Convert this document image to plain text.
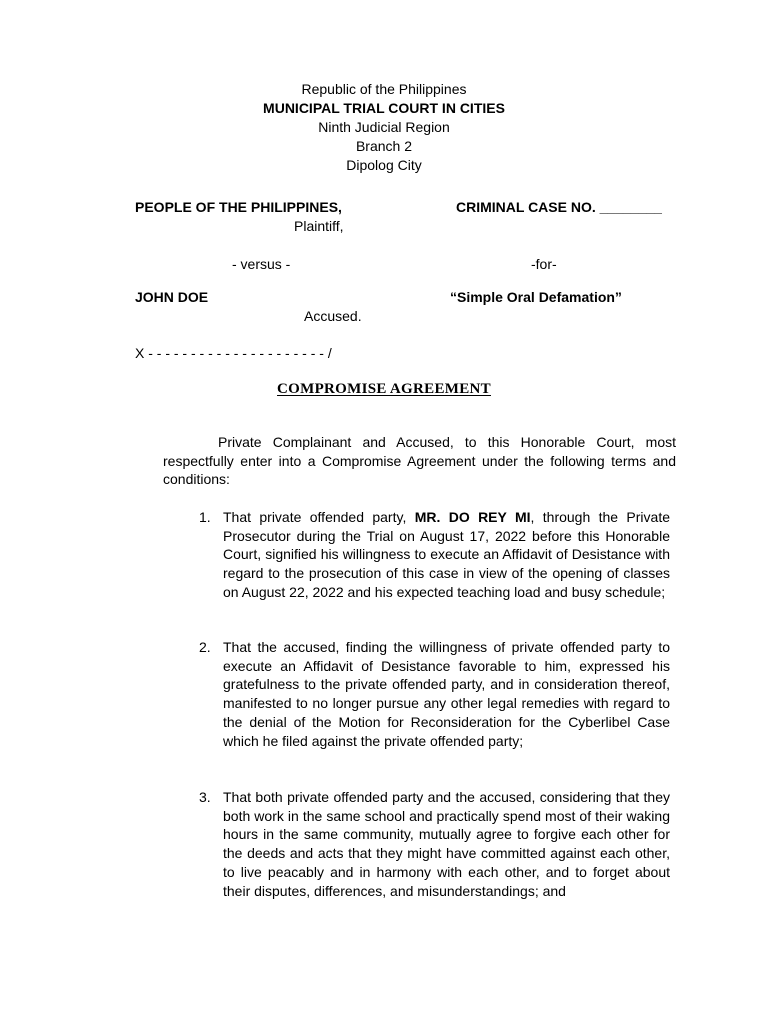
Republic of the Philippines
MUNICIPAL TRIAL COURT IN CITIES
Ninth Judicial Region
Branch 2
Dipolog City
PEOPLE OF THE PHILIPPINES,	CRIMINAL CASE NO. ________
Plaintiff,
- versus -	-for-
JOHN DOE	“Simple Oral Defamation”
Accused.
X - - - - - - - - - - - - - - - - - - - - - /
COMPROMISE AGREEMENT
Private Complainant and Accused, to this Honorable Court, most respectfully enter into a Compromise Agreement under the following terms and conditions:
1. That private offended party, MR. DO REY MI, through the Private Prosecutor during the Trial on August 17, 2022 before this Honorable Court, signified his willingness to execute an Affidavit of Desistance with regard to the prosecution of this case in view of the opening of classes on August 22, 2022 and his expected teaching load and busy schedule;
2. That the accused, finding the willingness of private offended party to execute an Affidavit of Desistance favorable to him, expressed his gratefulness to the private offended party, and in consideration thereof, manifested to no longer pursue any other legal remedies with regard to the denial of the Motion for Reconsideration for the Cyberlibel Case which he filed against the private offended party;
3. That both private offended party and the accused, considering that they both work in the same school and practically spend most of their waking hours in the same community, mutually agree to forgive each other for the deeds and acts that they might have committed against each other, to live peacably and in harmony with each other, and to forget about their disputes, differences, and misunderstandings; and
